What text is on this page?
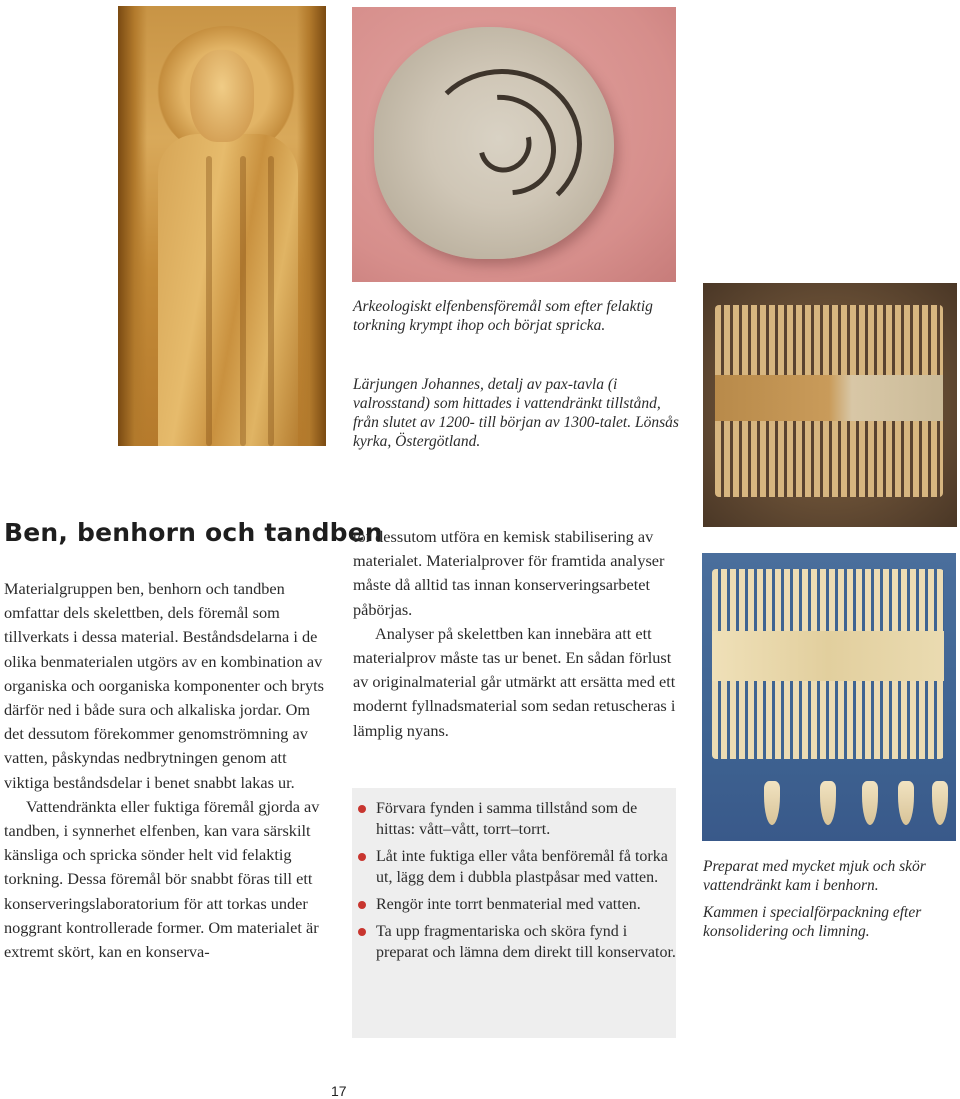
Arkeologiskt elfenbensföremål som efter felaktig torkning krympt ihop och börjat spricka.

Lärjungen Johannes, detalj av pax-tavla (i valrosstand) som hittades i vattendränkt tillstånd, från slutet av 1200- till början av 1300-talet. Lönsås kyrka, Östergötland.

Preparat med mycket mjuk och skör vattendränkt kam i benhorn.

Kammen i specialförpackning efter konsolidering och limning.

Ben, benhorn och tandben

Materialgruppen ben, benhorn och tandben omfattar dels skelettben, dels föremål som tillverkats i dessa material. Beståndsdelarna i de olika benmaterialen utgörs av en kombination av organiska och oorganiska komponenter och bryts därför ned i både sura och alkaliska jordar. Om det dessutom förekommer genomströmning av vatten, påskyndas nedbrytningen genom att viktiga beståndsdelar i benet snabbt lakas ur.

Vattendränkta eller fuktiga föremål gjorda av tandben, i synnerhet elfenben, kan vara särskilt känsliga och spricka sönder helt vid felaktig torkning. Dessa föremål bör snabbt föras till ett konserveringslaboratorium för att torkas under noggrant kontrollerade former. Om materialet är extremt skört, kan en konserva-

tor dessutom utföra en kemisk stabilisering av materialet. Materialprover för framtida analyser måste då alltid tas innan konserveringsarbetet påbörjas.

Analyser på skelettben kan innebära att ett materialprov måste tas ur benet. En sådan förlust av originalmaterial går utmärkt att ersätta med ett modernt fyllnadsmaterial som sedan retuscheras i lämplig nyans.

Förvara fynden i samma tillstånd som de hittas: vått–vått, torrt–torrt.
Låt inte fuktiga eller våta benföremål få torka ut, lägg dem i dubbla plastpåsar med vatten.
Rengör inte torrt benmaterial med vatten.
Ta upp fragmentariska och sköra fynd i preparat och lämna dem direkt till konservator.
17
